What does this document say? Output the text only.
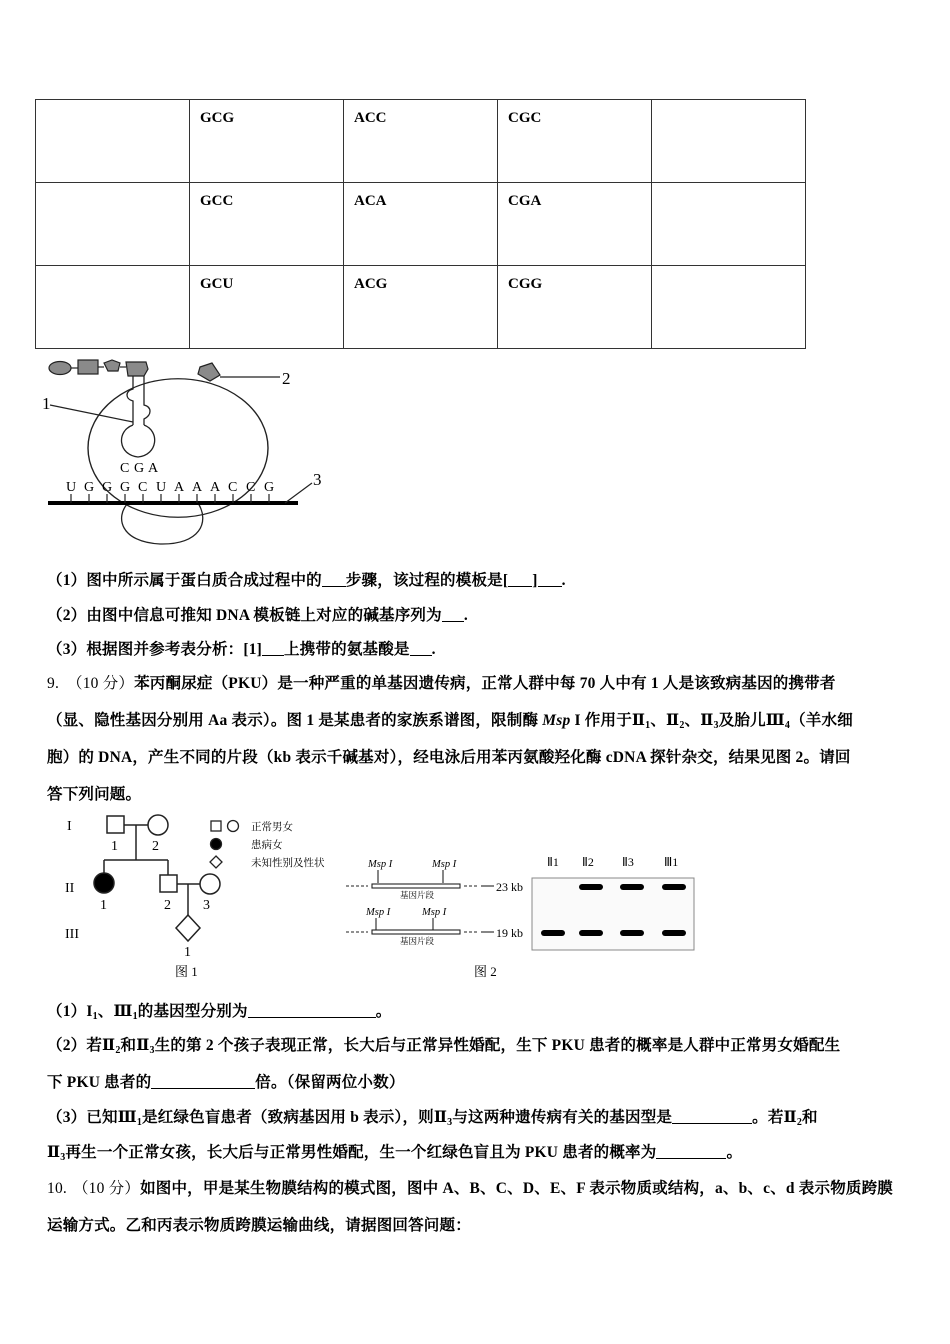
	GCG	ACC	CGC	
	GCC	ACA	CGA	
	GCU	ACG	CGG	
2
1
C G A
U G G G C U A A A C C G 3
（1）图中所示属于蛋白质合成过程中的 步骤，该过程的模板是[ ] .
（2）由图中信息可推知 DNA 模板链上对应的碱基序列为 .
（3）根据图并参考表分析：[1] 上携带的氨基酸是 .
9. （10 分）苯丙酮尿症（PKU）是一种严重的单基因遗传病，正常人群中每 70 人中有 1 人是该致病基因的携带者
（显、隐性基因分别用 Aa 表示）。图 1 是某患者的家族系谱图，限制酶 Msp I 作用于$Ⅱ_1$、$Ⅱ_2$、$Ⅱ_3$及胎儿$Ⅲ_4$（羊水细
胞）的 DNA，产生不同的片段（kb 表示千碱基对），经电泳后用苯丙氨酸羟化酶 cDNA 探针杂交，结果见图 2。请回
答下列问题。
I
II
III
1 2
1	2 3
1
图 1
正常男女
患病女
未知性别及性状	Msp I	Msp I
Msp I	Msp I
基因片段
基因片段
23 kb
19 kb
Ⅱ1 Ⅱ2 Ⅱ3	Ⅲ1
图 2
$(1)I_1$、$Ⅲ_1$的基因型分别为	。
（2）若$Ⅱ_2$和$Ⅱ_3$生的第 2 个孩子表现正常，长大后与正常异性婚配，生下 PKU 患者的概率是人群中正常男女婚配生
下 PKU 患者的	倍。（保留两位小数）
（3）已知$Ⅲ_1$是红绿色盲患者（致病基因用 b 表示），则$Ⅱ_3$与这两种遗传病有关的基因型是	。若$Ⅱ_2$和
$Ⅱ_3$再生一个正常女孩，长大后与正常男性婚配，生一个红绿色盲且为 PKU 患者的概率为	。
10. （10 分）如图中，甲是某生物膜结构的模式图，图中 A、B、C、D、E、F 表示物质或结构，a、b、c、d 表示物质跨膜
运输方式。乙和丙表示物质跨膜运输曲线，请据图回答问题：
